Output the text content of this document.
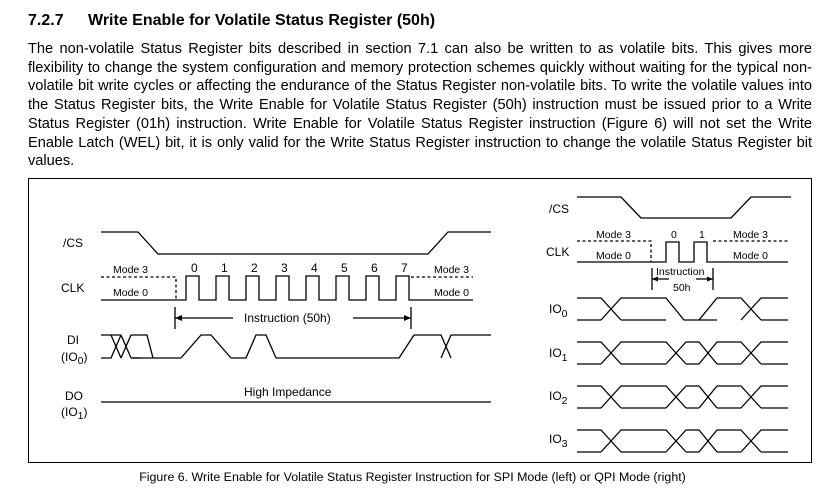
7.2.7 Write Enable for Volatile Status Register (50h)
The non-volatile Status Register bits described in section 7.1 can also be written to as volatile bits. This gives more flexibility to change the system configuration and memory protection schemes quickly without waiting for the typical non-volatile bit write cycles or affecting the endurance of the Status Register non-volatile bits. To write the volatile values into the Status Register bits, the Write Enable for Volatile Status Register (50h) instruction must be issued prior to a Write Status Register (01h) instruction. Write Enable for Volatile Status Register instruction (Figure 6) will not set the Write Enable Latch (WEL) bit, it is only valid for the Write Status Register instruction to change the volatile Status Register bit values.
/CS
CLK
DI
(IO0)
DO
(IO1)
Mode 3
Mode 0
Mode 3
Mode 0
0 1 2 3 4 5 6 7
Instruction (50h)
High Impedance
/CS
CLK
Mode 3
Mode 0
Mode 3
Mode 0
0 1
Instruction
50h
IO0
IO1
IO2
IO3
Figure 6. Write Enable for Volatile Status Register Instruction for SPI Mode (left) or QPI Mode (right)
